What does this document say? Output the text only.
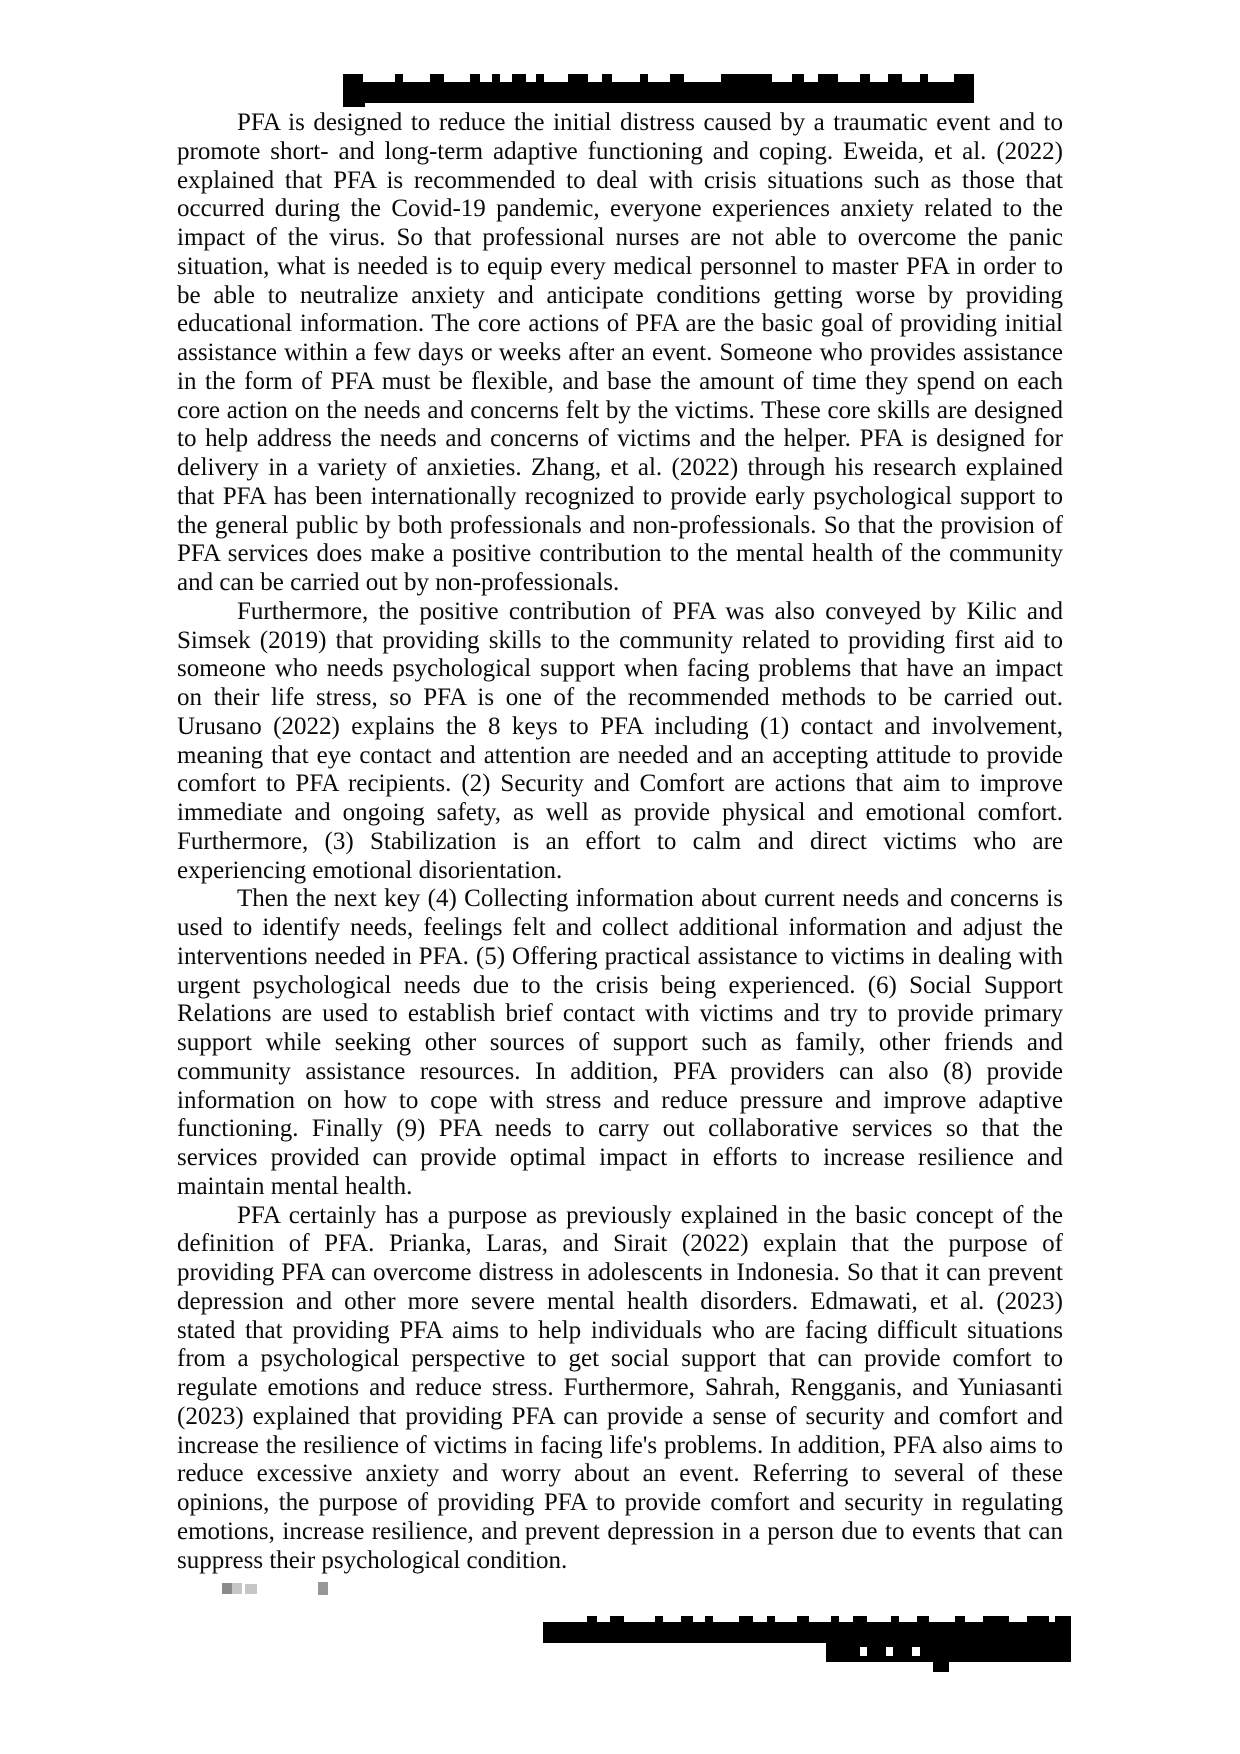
PFA is designed to reduce the initial distress caused by a traumatic event and to promote short- and long-term adaptive functioning and coping. Eweida, et al. (2022) explained that PFA is recommended to deal with crisis situations such as those that occurred during the Covid-19 pandemic, everyone experiences anxiety related to the impact of the virus. So that professional nurses are not able to overcome the panic situation, what is needed is to equip every medical personnel to master PFA in order to be able to neutralize anxiety and anticipate conditions getting worse by providing educational information. The core actions of PFA are the basic goal of providing initial assistance within a few days or weeks after an event. Someone who provides assistance in the form of PFA must be flexible, and base the amount of time they spend on each core action on the needs and concerns felt by the victims. These core skills are designed to help address the needs and concerns of victims and the helper. PFA is designed for delivery in a variety of anxieties. Zhang, et al. (2022) through his research explained that PFA has been internationally recognized to provide early psychological support to the general public by both professionals and non-professionals. So that the provision of PFA services does make a positive contribution to the mental health of the community and can be carried out by non-professionals.

Furthermore, the positive contribution of PFA was also conveyed by Kilic and Simsek (2019) that providing skills to the community related to providing first aid to someone who needs psychological support when facing problems that have an impact on their life stress, so PFA is one of the recommended methods to be carried out. Urusano (2022) explains the 8 keys to PFA including (1) contact and involvement, meaning that eye contact and attention are needed and an accepting attitude to provide comfort to PFA recipients. (2) Security and Comfort are actions that aim to improve immediate and ongoing safety, as well as provide physical and emotional comfort. Furthermore, (3) Stabilization is an effort to calm and direct victims who are experiencing emotional disorientation.

Then the next key (4) Collecting information about current needs and concerns is used to identify needs, feelings felt and collect additional information and adjust the interventions needed in PFA. (5) Offering practical assistance to victims in dealing with urgent psychological needs due to the crisis being experienced. (6) Social Support Relations are used to establish brief contact with victims and try to provide primary support while seeking other sources of support such as family, other friends and community assistance resources. In addition, PFA providers can also (8) provide information on how to cope with stress and reduce pressure and improve adaptive functioning. Finally (9) PFA needs to carry out collaborative services so that the services provided can provide optimal impact in efforts to increase resilience and maintain mental health.

PFA certainly has a purpose as previously explained in the basic concept of the definition of PFA. Prianka, Laras, and Sirait (2022) explain that the purpose of providing PFA can overcome distress in adolescents in Indonesia. So that it can prevent depression and other more severe mental health disorders. Edmawati, et al. (2023) stated that providing PFA aims to help individuals who are facing difficult situations from a psychological perspective to get social support that can provide comfort to regulate emotions and reduce stress. Furthermore, Sahrah, Rengganis, and Yuniasanti (2023) explained that providing PFA can provide a sense of security and comfort and increase the resilience of victims in facing life's problems. In addition, PFA also aims to reduce excessive anxiety and worry about an event. Referring to several of these opinions, the purpose of providing PFA to provide comfort and security in regulating emotions, increase resilience, and prevent depression in a person due to events that can suppress their psychological condition.
